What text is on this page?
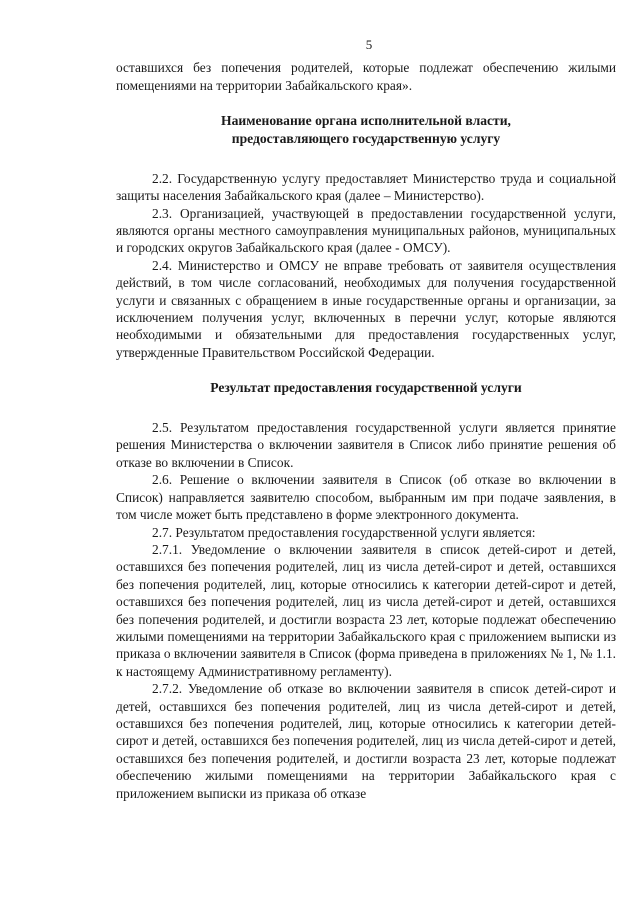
5

оставшихся без попечения родителей, которые подлежат обеспечению жилыми помещениями на территории Забайкальского края».

Наименование органа исполнительной власти,
предоставляющего государственную услугу

2.2. Государственную услугу предоставляет Министерство труда и социальной защиты населения Забайкальского края (далее – Министерство).

2.3. Организацией, участвующей в предоставлении государственной услуги, являются органы местного самоуправления муниципальных районов, муниципальных и городских округов Забайкальского края (далее - ОМСУ).

2.4. Министерство и ОМСУ не вправе требовать от заявителя осуществления действий, в том числе согласований, необходимых для получения государственной услуги и связанных с обращением в иные государственные органы и организации, за исключением получения услуг, включенных в перечни услуг, которые являются необходимыми и обязательными для предоставления государственных услуг, утвержденные Правительством Российской Федерации.

Результат предоставления государственной услуги

2.5. Результатом предоставления государственной услуги является принятие решения Министерства о включении заявителя в Список либо принятие решения об отказе во включении в Список.

2.6. Решение о включении заявителя в Список (об отказе во включении в Список) направляется заявителю способом, выбранным им при подаче заявления, в том числе может быть представлено в форме электронного документа.

2.7. Результатом предоставления государственной услуги является:

2.7.1. Уведомление о включении заявителя в список детей-сирот и детей, оставшихся без попечения родителей, лиц из числа детей-сирот и детей, оставшихся без попечения родителей, лиц, которые относились к категории детей-сирот и детей, оставшихся без попечения родителей, лиц из числа детей-сирот и детей, оставшихся без попечения родителей, и достигли возраста 23 лет, которые подлежат обеспечению жилыми помещениями на территории Забайкальского края с приложением выписки из приказа о включении заявителя в Список (форма приведена в приложениях № 1, № 1.1. к настоящему Административному регламенту).

2.7.2. Уведомление об отказе во включении заявителя в список детей-сирот и детей, оставшихся без попечения родителей, лиц из числа детей-сирот и детей, оставшихся без попечения родителей, лиц, которые относились к категории детей-сирот и детей, оставшихся без попечения родителей, лиц из числа детей-сирот и детей, оставшихся без попечения родителей, и достигли возраста 23 лет, которые подлежат обеспечению жилыми помещениями на территории Забайкальского края с приложением выписки из приказа об отказе
